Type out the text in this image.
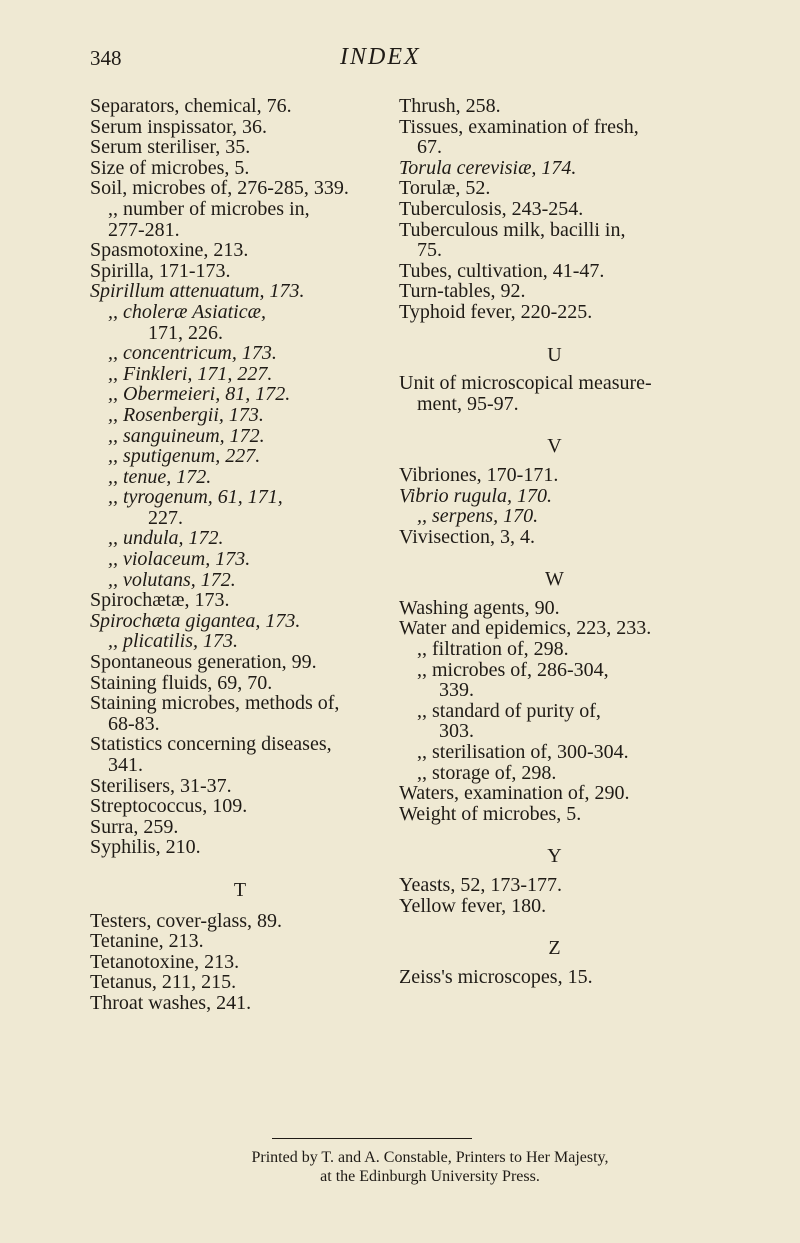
348	INDEX

Separators, chemical, 76.

Serum inspissator, 36.

Serum steriliser, 35.

Size of microbes, 5.

Soil, microbes of, 276-285, 339.

,, number of microbes in,

277-281.

Spasmotoxine, 213.

Spirilla, 171-173.

Spirillum attenuatum, 173.

,, choleræ Asiaticæ,

171, 226.

,, concentricum, 173.

,, Finkleri, 171, 227.

,, Obermeieri, 81, 172.

,, Rosenbergii, 173.

,, sanguineum, 172.

,, sputigenum, 227.

,, tenue, 172.

,, tyrogenum, 61, 171,

227.

,, undula, 172.

,, violaceum, 173.

,, volutans, 172.

Spirochætæ, 173.

Spirochæta gigantea, 173.

,, plicatilis, 173.

Spontaneous generation, 99.

Staining fluids, 69, 70.

Staining microbes, methods of,

68-83.

Statistics concerning diseases,

341.

Sterilisers, 31-37.

Streptococcus, 109.

Surra, 259.

Syphilis, 210.

T

Testers, cover-glass, 89.

Tetanine, 213.

Tetanotoxine, 213.

Tetanus, 211, 215.

Throat washes, 241.

Thrush, 258.

Tissues, examination of fresh,

67.

Torula cerevisiæ, 174.

Torulæ, 52.

Tuberculosis, 243-254.

Tuberculous milk, bacilli in,

75.

Tubes, cultivation, 41-47.

Turn-tables, 92.

Typhoid fever, 220-225.

U

Unit of microscopical measure-

ment, 95-97.

V

Vibriones, 170-171.

Vibrio rugula, 170.

,, serpens, 170.

Vivisection, 3, 4.

W

Washing agents, 90.

Water and epidemics, 223, 233.

,, filtration of, 298.

,, microbes of, 286-304,

339.

,, standard of purity of,

303.

,, sterilisation of, 300-304.

,, storage of, 298.

Waters, examination of, 290.

Weight of microbes, 5.

Y

Yeasts, 52, 173-177.

Yellow fever, 180.

Z

Zeiss's microscopes, 15.

Printed by T. and A. Constable, Printers to Her Majesty,
at the Edinburgh University Press.
